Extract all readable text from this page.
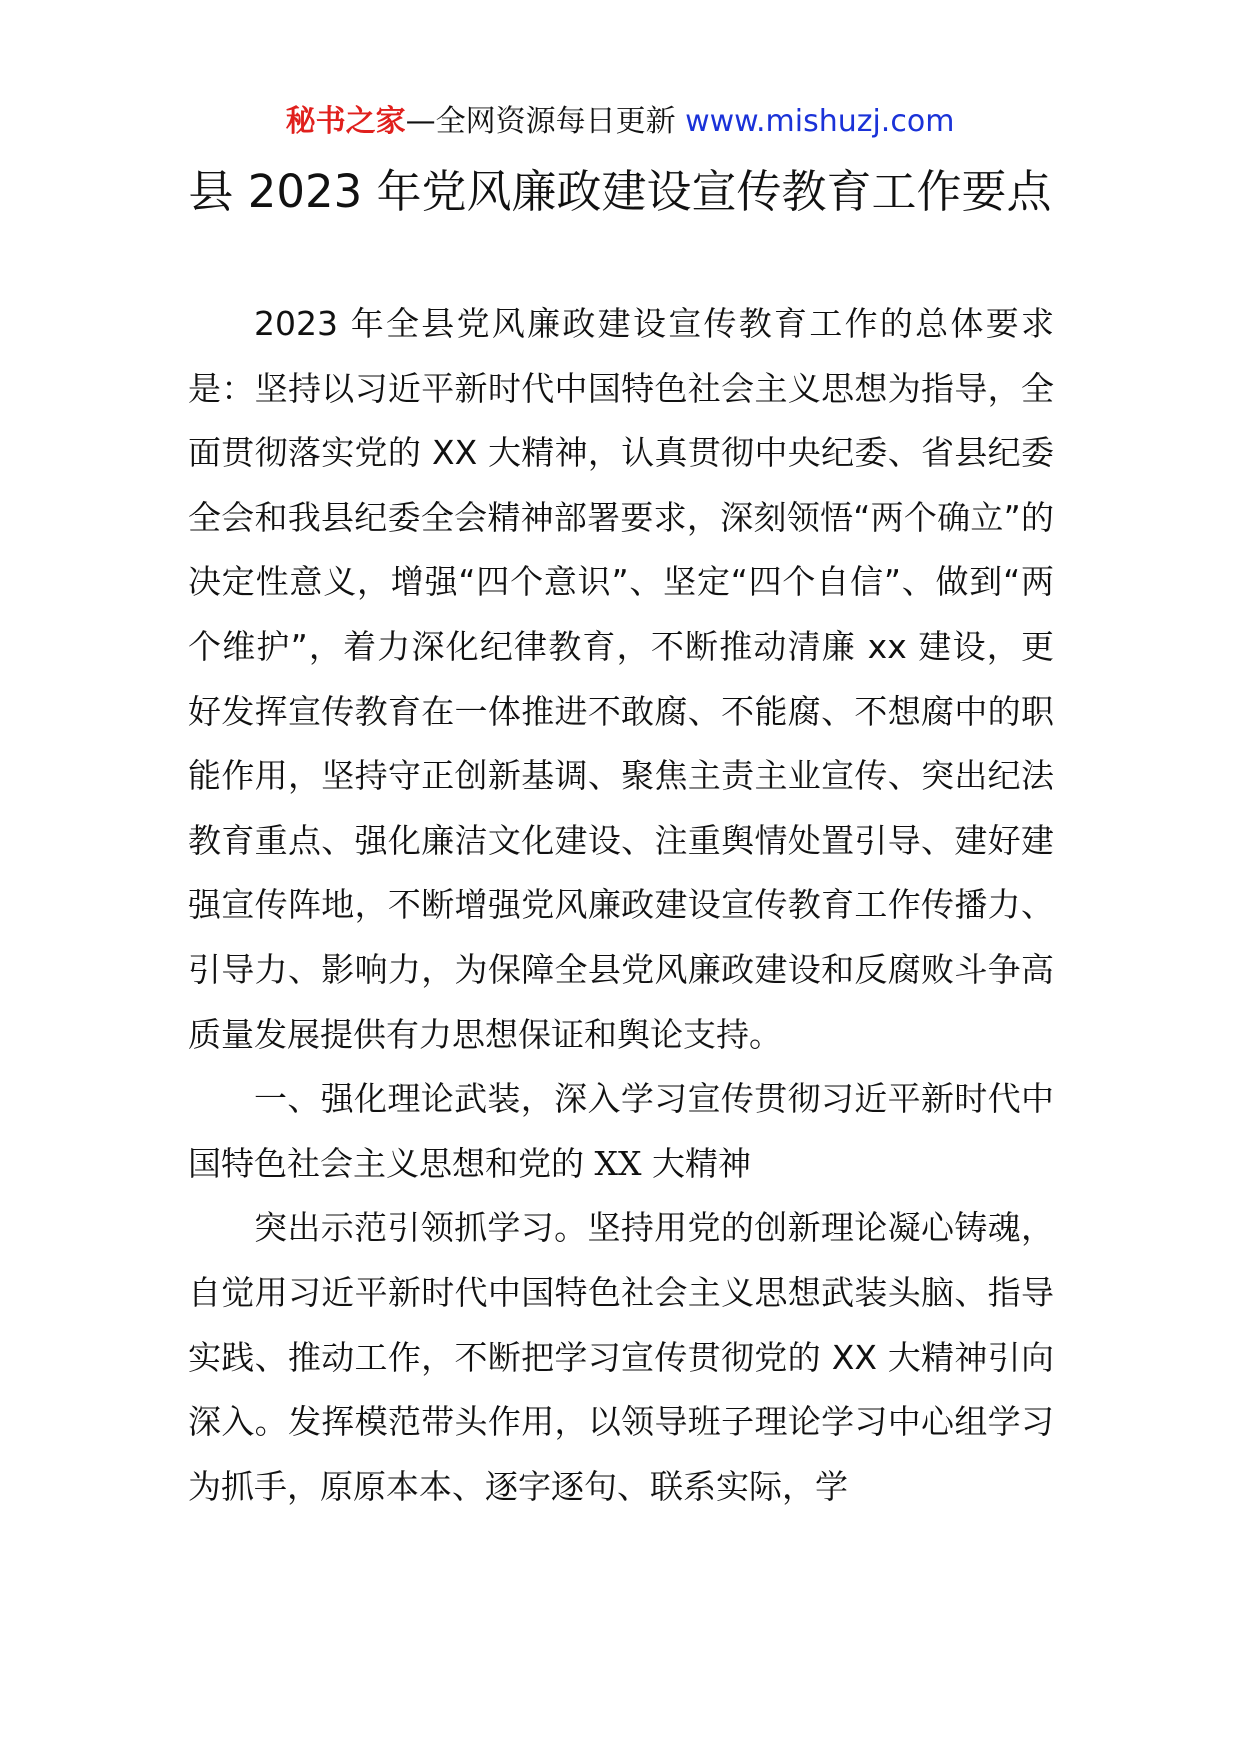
秘书之家—全网资源每日更新 www.mishuzj.com
县 2023 年党风廉政建设宣传教育工作要点

2023 年全县党风廉政建设宣传教育工作的总体要求是：坚持以习近平新时代中国特色社会主义思想为指导，全面贯彻落实党的 XX 大精神，认真贯彻中央纪委、省县纪委全会和我县纪委全会精神部署要求，深刻领悟“两个确立”的决定性意义，增强“四个意识”、坚定“四个自信”、做到“两个维护”，着力深化纪律教育，不断推动清廉 xx 建设，更好发挥宣传教育在一体推进不敢腐、不能腐、不想腐中的职能作用，坚持守正创新基调、聚焦主责主业宣传、突出纪法教育重点、强化廉洁文化建设、注重舆情处置引导、建好建强宣传阵地，不断增强党风廉政建设宣传教育工作传播力、引导力、影响力，为保障全县党风廉政建设和反腐败斗争高质量发展提供有力思想保证和舆论支持。

一、强化理论武装，深入学习宣传贯彻习近平新时代中国特色社会主义思想和党的 XX 大精神

突出示范引领抓学习。坚持用党的创新理论凝心铸魂，自觉用习近平新时代中国特色社会主义思想武装头脑、指导实践、推动工作，不断把学习宣传贯彻党的 XX 大精神引向深入。发挥模范带头作用，以领导班子理论学习中心组学习为抓手，原原本本、逐字逐句、联系实际，学
